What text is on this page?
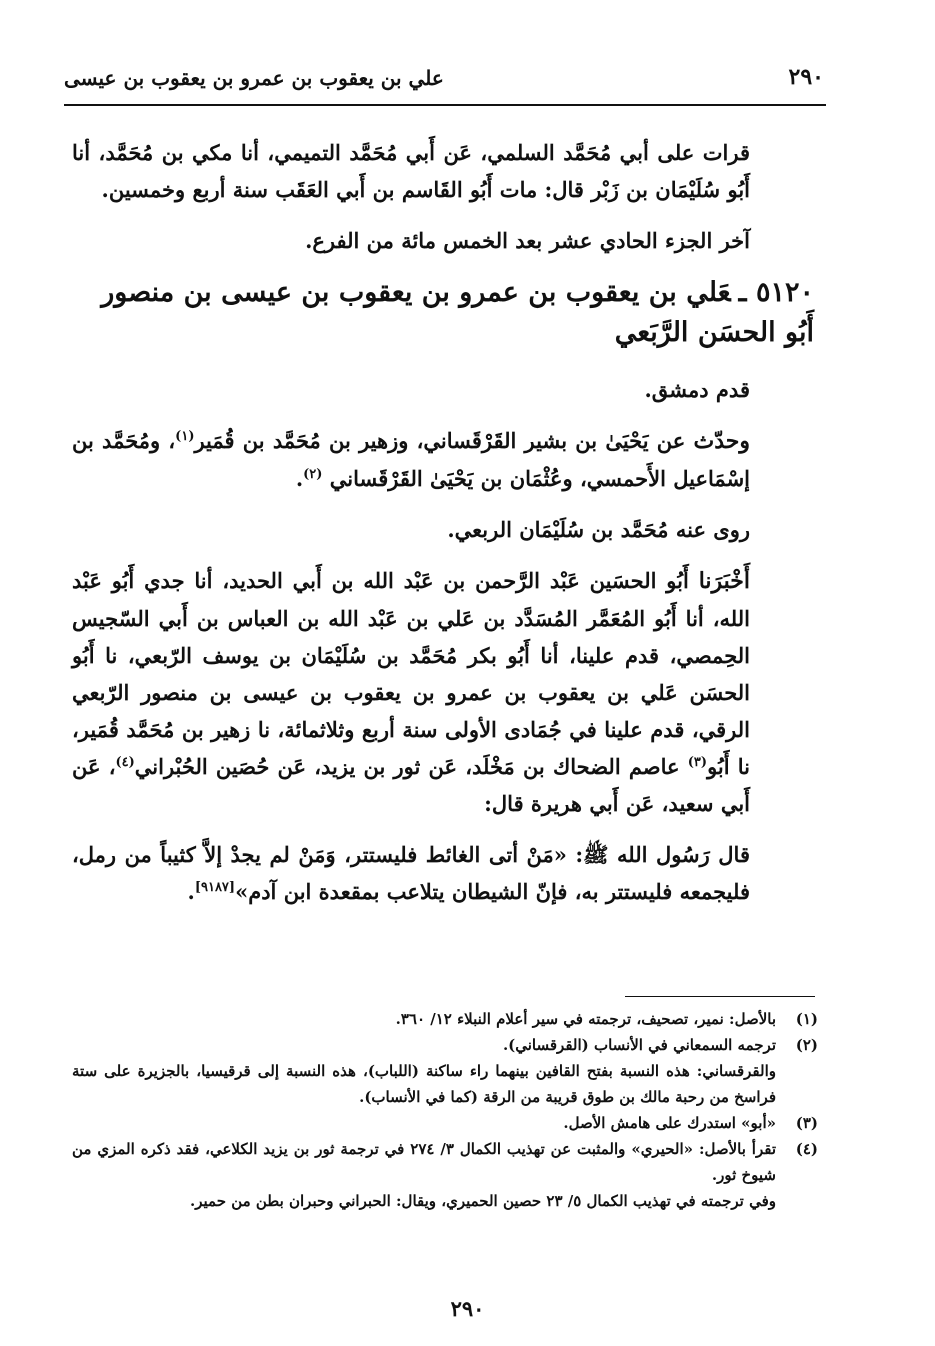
٢٩٠
علي بن يعقوب بن عمرو بن يعقوب بن عيسى

قرات على أبي مُحَمَّد السلمي، عَن أَبي مُحَمَّد التميمي، أنا مكي بن مُحَمَّد، أنا أَبُو سُلَيْمَان بن زَبْر قال: مات أَبُو القَاسم بن أَبي العَقَب سنة أربع وخمسين.

آخر الجزء الحادي عشر بعد الخمس مائة من الفرع.

٥١٢٠ ـعَلي بن يعقوب بن عمرو بن يعقوب بن عيسى بن منصور
أَبُو الحسَن الرَّبَعي

قدم دمشق.

وحدّث عن يَحْيَىٰ بن بشير القَرْقَساني، وزهير بن مُحَمَّد بن قُمَير$^{(١)}$، ومُحَمَّد بن إسْمَاعيل الأَحمسي، وعُثْمَان بن يَحْيَىٰ القَرْقَساني $^{(٢)}$.

روى عنه مُحَمَّد بن سُلَيْمَان الربعي.

أَخْبَرَنا أَبُو الحسَين عَبْد الرَّحمن بن عَبْد الله بن أَبي الحديد، أنا جدي أَبُو عَبْد الله، أنا أَبُو المُعَمَّر المُسَدَّد بن عَلي بن عَبْد الله بن العباس بن أَبي السّجيس الحِمصي، قدم علينا، أنا أَبُو بكر مُحَمَّد بن سُلَيْمَان بن يوسف الرّبعي، نا أَبُو الحسَن عَلي بن يعقوب بن عمرو بن يعقوب بن عيسى بن منصور الرّبعي الرقي، قدم علينا في جُمَادى الأولى سنة أربع وثلاثمائة، نا زهير بن مُحَمَّد قُمَير، نا أَبُو$^{(٣)}$ عاصم الضحاك بن مَخْلَد، عَن ثور بن يزيد، عَن حُصَين الحُبْراني$^{(٤)}$، عَن أَبي سعيد، عَن أَبي هريرة قال:

قال رَسُول الله ﷺ: «مَنْ أتى الغائط فليستتر، وَمَنْ لم يجدْ إلاَّ كثيباً من رمل، فليجمعه فليستتر به، فإنّ الشيطان يتلاعب بمقعدة ابن آدم»[٩١٨٧].

(١)
بالأصل: نمير، تصحيف، ترجمته في سير أعلام النبلاء ١٢/ ٣٦٠.
(٢)
ترجمه السمعاني في الأنساب (القرقساني).
والقرقساني: هذه النسبة بفتح القافين بينهما راء ساكنة (اللباب)، هذه النسبة إلى قرقيسيا، بالجزيرة على ستة فراسخ من رحبة مالك بن طوق قريبة من الرقة (كما في الأنساب).
(٣)
«أبو» استدرك على هامش الأصل.
(٤)
تقرأ بالأصل: «الحيري» والمثبت عن تهذيب الكمال ٣/ ٢٧٤ في ترجمة ثور بن يزيد الكلاعي، فقد ذكره المزي من شيوخ ثور.
وفي ترجمته في تهذيب الكمال ٥/ ٢٣ حصين الحميري، ويقال: الحبراني وحبران بطن من حمير.
٢٩٠
